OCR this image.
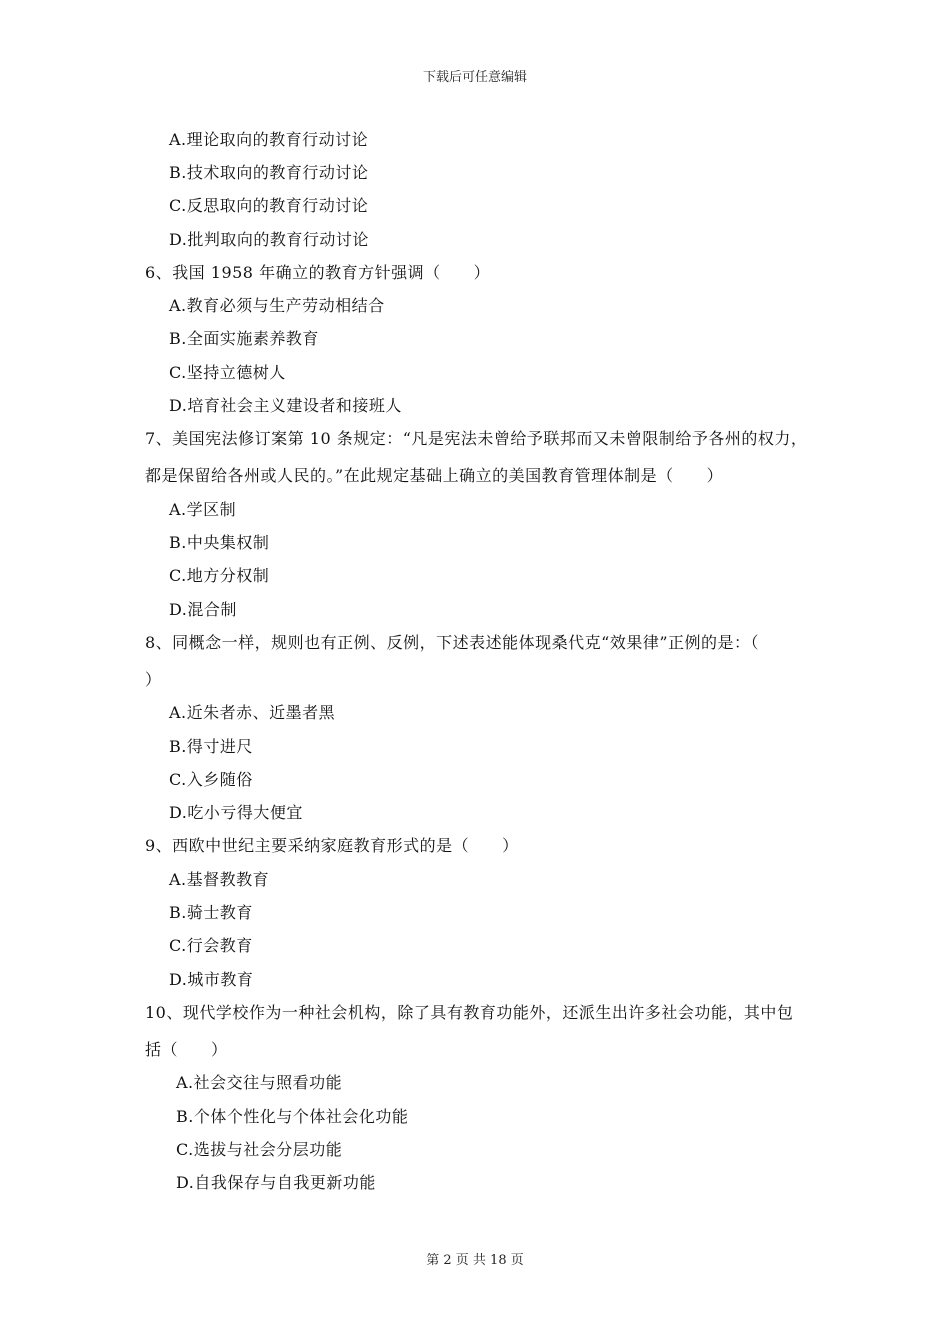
下载后可任意编辑
A.理论取向的教育行动讨论
B.技术取向的教育行动讨论
C.反思取向的教育行动讨论
D.批判取向的教育行动讨论
6、我国 1958 年确立的教育方针强调（　　）
A.教育必须与生产劳动相结合
B.全面实施素养教育
C.坚持立德树人
D.培育社会主义建设者和接班人
7、美国宪法修订案第 10 条规定：“凡是宪法未曾给予联邦而又未曾限制给予各州的权力，
都是保留给各州或人民的。”在此规定基础上确立的美国教育管理体制是（　　）
A.学区制
B.中央集权制
C.地方分权制
D.混合制
8、同概念一样，规则也有正例、反例，下述表述能体现桑代克“效果律”正例的是：（
）
A.近朱者赤、近墨者黑
B.得寸进尺
C.入乡随俗
D.吃小亏得大便宜
9、西欧中世纪主要采纳家庭教育形式的是（　　）
A.基督教教育
B.骑士教育
C.行会教育
D.城市教育
10、现代学校作为一种社会机构，除了具有教育功能外，还派生出许多社会功能，其中包
括（　　）
A.社会交往与照看功能
B.个体个性化与个体社会化功能
C.选拔与社会分层功能
D.自我保存与自我更新功能
第 2 页 共 18 页
